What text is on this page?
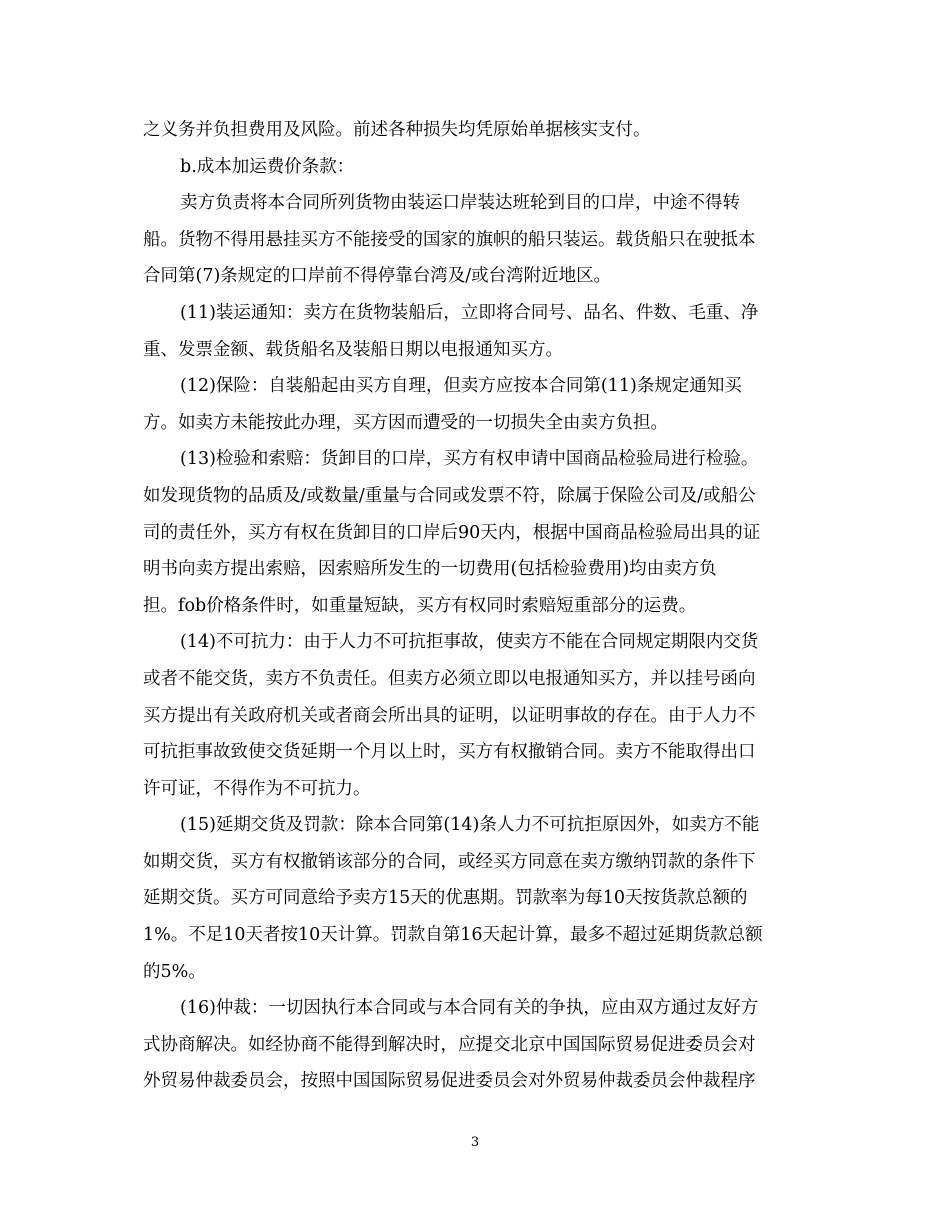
之义务并负担费用及风险。前述各种损失均凭原始单据核实支付。
b.成本加运费价条款：
卖方负责将本合同所列货物由装运口岸装达班轮到目的口岸，中途不得转
船。货物不得用悬挂买方不能接受的国家的旗帜的船只装运。载货船只在驶抵本
合同第(7)条规定的口岸前不得停靠台湾及/或台湾附近地区。
(11)装运通知：卖方在货物装船后，立即将合同号、品名、件数、毛重、净
重、发票金额、载货船名及装船日期以电报通知买方。
(12)保险：自装船起由买方自理，但卖方应按本合同第(11)条规定通知买
方。如卖方未能按此办理，买方因而遭受的一切损失全由卖方负担。
(13)检验和索赔：货卸目的口岸，买方有权申请中国商品检验局进行检验。
如发现货物的品质及/或数量/重量与合同或发票不符，除属于保险公司及/或船公
司的责任外，买方有权在货卸目的口岸后90天内，根据中国商品检验局出具的证
明书向卖方提出索赔，因索赔所发生的一切费用(包括检验费用)均由卖方负
担。fob价格条件时，如重量短缺，买方有权同时索赔短重部分的运费。
(14)不可抗力：由于人力不可抗拒事故，使卖方不能在合同规定期限内交货
或者不能交货，卖方不负责任。但卖方必须立即以电报通知买方，并以挂号函向
买方提出有关政府机关或者商会所出具的证明，以证明事故的存在。由于人力不
可抗拒事故致使交货延期一个月以上时，买方有权撤销合同。卖方不能取得出口
许可证，不得作为不可抗力。
(15)延期交货及罚款：除本合同第(14)条人力不可抗拒原因外，如卖方不能
如期交货，买方有权撤销该部分的合同，或经买方同意在卖方缴纳罚款的条件下
延期交货。买方可同意给予卖方15天的优惠期。罚款率为每10天按货款总额的
1%。不足10天者按10天计算。罚款自第16天起计算，最多不超过延期货款总额
的5%。
(16)仲裁：一切因执行本合同或与本合同有关的争执，应由双方通过友好方
式协商解决。如经协商不能得到解决时，应提交北京中国国际贸易促进委员会对
外贸易仲裁委员会，按照中国国际贸易促进委员会对外贸易仲裁委员会仲裁程序
3
